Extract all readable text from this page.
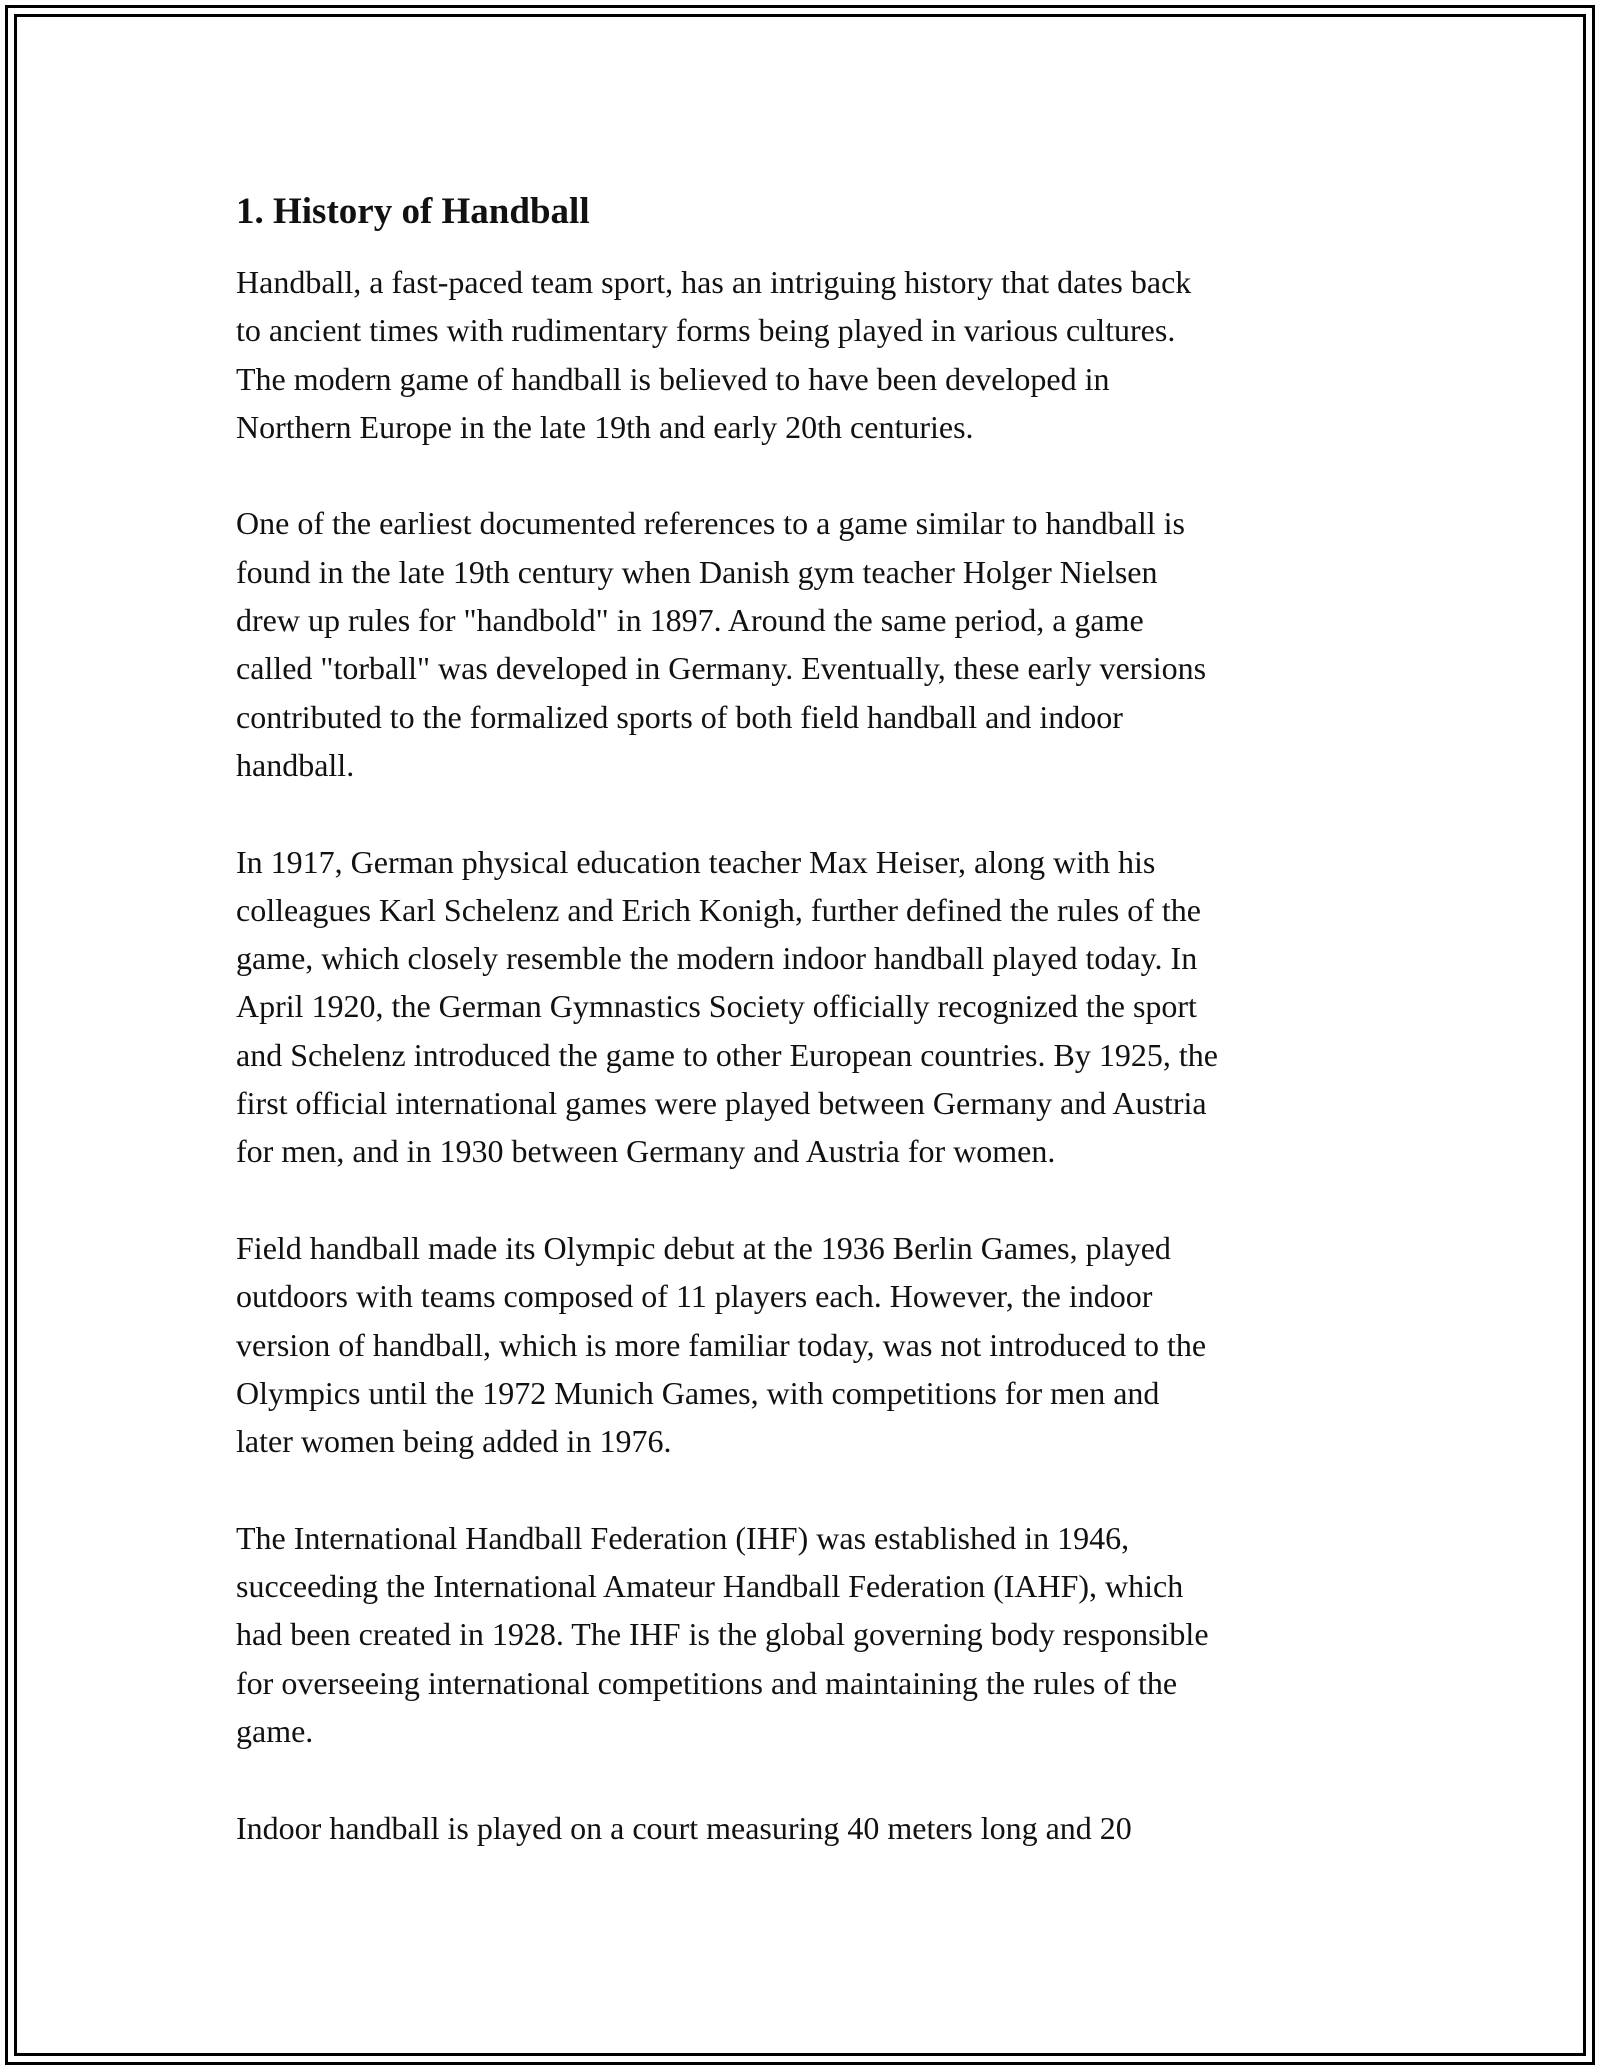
1. History of Handball

Handball, a fast-paced team sport, has an intriguing history that dates back
to ancient times with rudimentary forms being played in various cultures.
The modern game of handball is believed to have been developed in
Northern Europe in the late 19th and early 20th centuries.

One of the earliest documented references to a game similar to handball is
found in the late 19th century when Danish gym teacher Holger Nielsen
drew up rules for "handbold" in 1897. Around the same period, a game
called "torball" was developed in Germany. Eventually, these early versions
contributed to the formalized sports of both field handball and indoor
handball.

In 1917, German physical education teacher Max Heiser, along with his
colleagues Karl Schelenz and Erich Konigh, further defined the rules of the
game, which closely resemble the modern indoor handball played today. In
April 1920, the German Gymnastics Society officially recognized the sport
and Schelenz introduced the game to other European countries. By 1925, the
first official international games were played between Germany and Austria
for men, and in 1930 between Germany and Austria for women.

Field handball made its Olympic debut at the 1936 Berlin Games, played
outdoors with teams composed of 11 players each. However, the indoor
version of handball, which is more familiar today, was not introduced to the
Olympics until the 1972 Munich Games, with competitions for men and
later women being added in 1976.

The International Handball Federation (IHF) was established in 1946,
succeeding the International Amateur Handball Federation (IAHF), which
had been created in 1928. The IHF is the global governing body responsible
for overseeing international competitions and maintaining the rules of the
game.

Indoor handball is played on a court measuring 40 meters long and 20
